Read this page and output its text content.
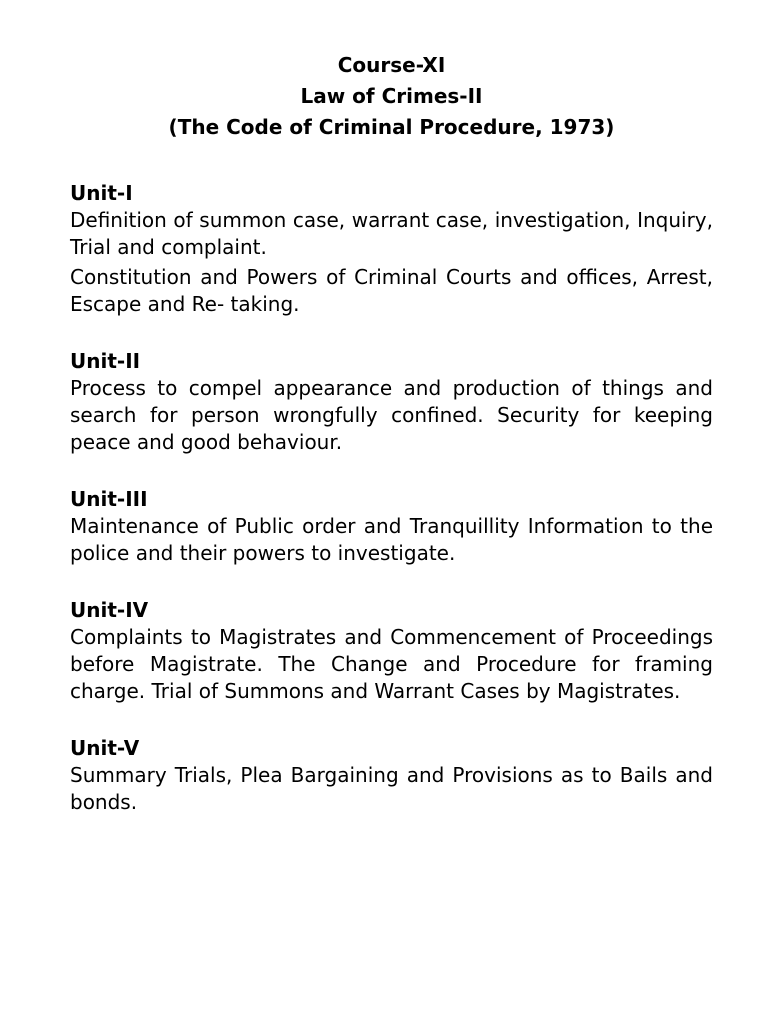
Course-XI
Law of Crimes-II
(The Code of Criminal Procedure, 1973)
Unit-I

Definition of summon case, warrant case, investigation, Inquiry, Trial and complaint.

Constitution and Powers of Criminal Courts and offices, Arrest, Escape and Re- taking.

Unit-II

Process to compel appearance and production of things and search for person wrongfully confined. Security for keeping peace and good behaviour.

Unit-III

Maintenance of Public order and Tranquillity Information to the police and their powers to investigate.

Unit-IV

Complaints to Magistrates and Commencement of Proceedings before Magistrate. The Change and Procedure for framing charge. Trial of Summons and Warrant Cases by Magistrates.

Unit-V

Summary Trials, Plea Bargaining and Provisions as to Bails and bonds.
